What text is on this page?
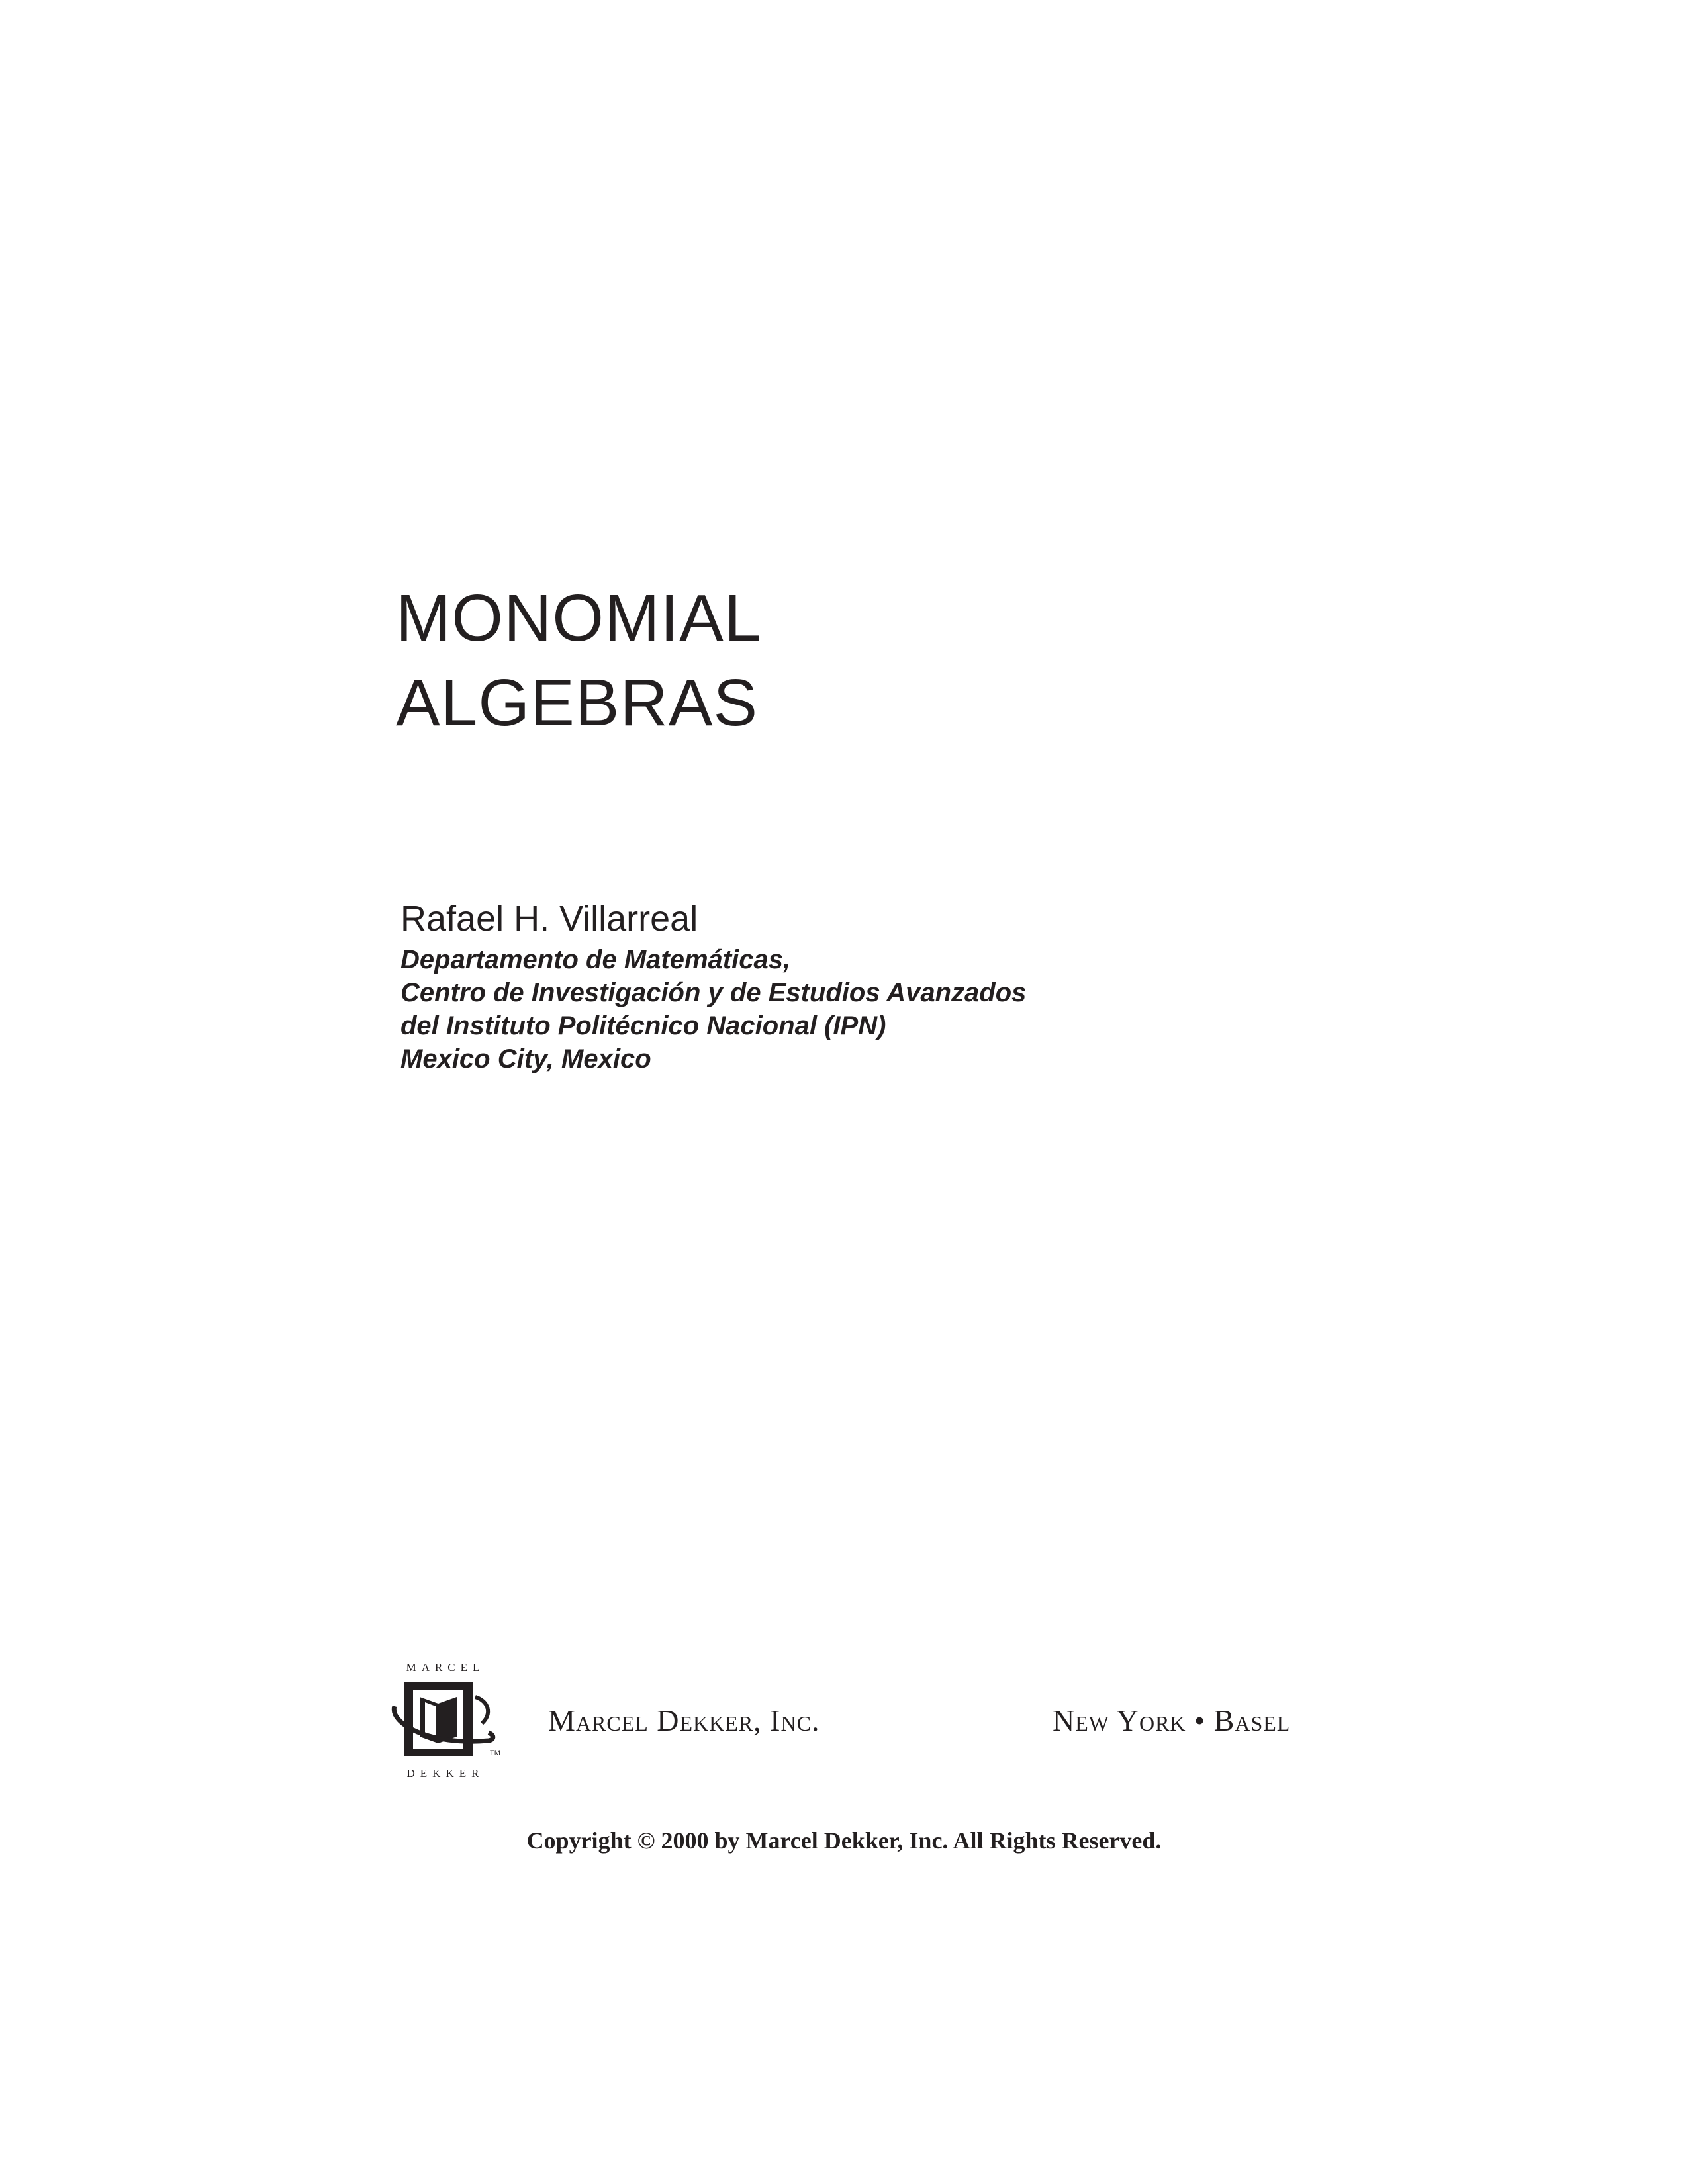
MONOMIAL
ALGEBRAS
Rafael H. Villarreal
Departamento de Matemáticas,
Centro de Investigación y de Estudios Avanzados
del Instituto Politécnico Nacional (IPN)
Mexico City, Mexico
MARCEL
TM
DEKKER
Marcel Dekker, Inc.	New York • Basel
Copyright © 2000 by Marcel Dekker, Inc. All Rights Reserved.
